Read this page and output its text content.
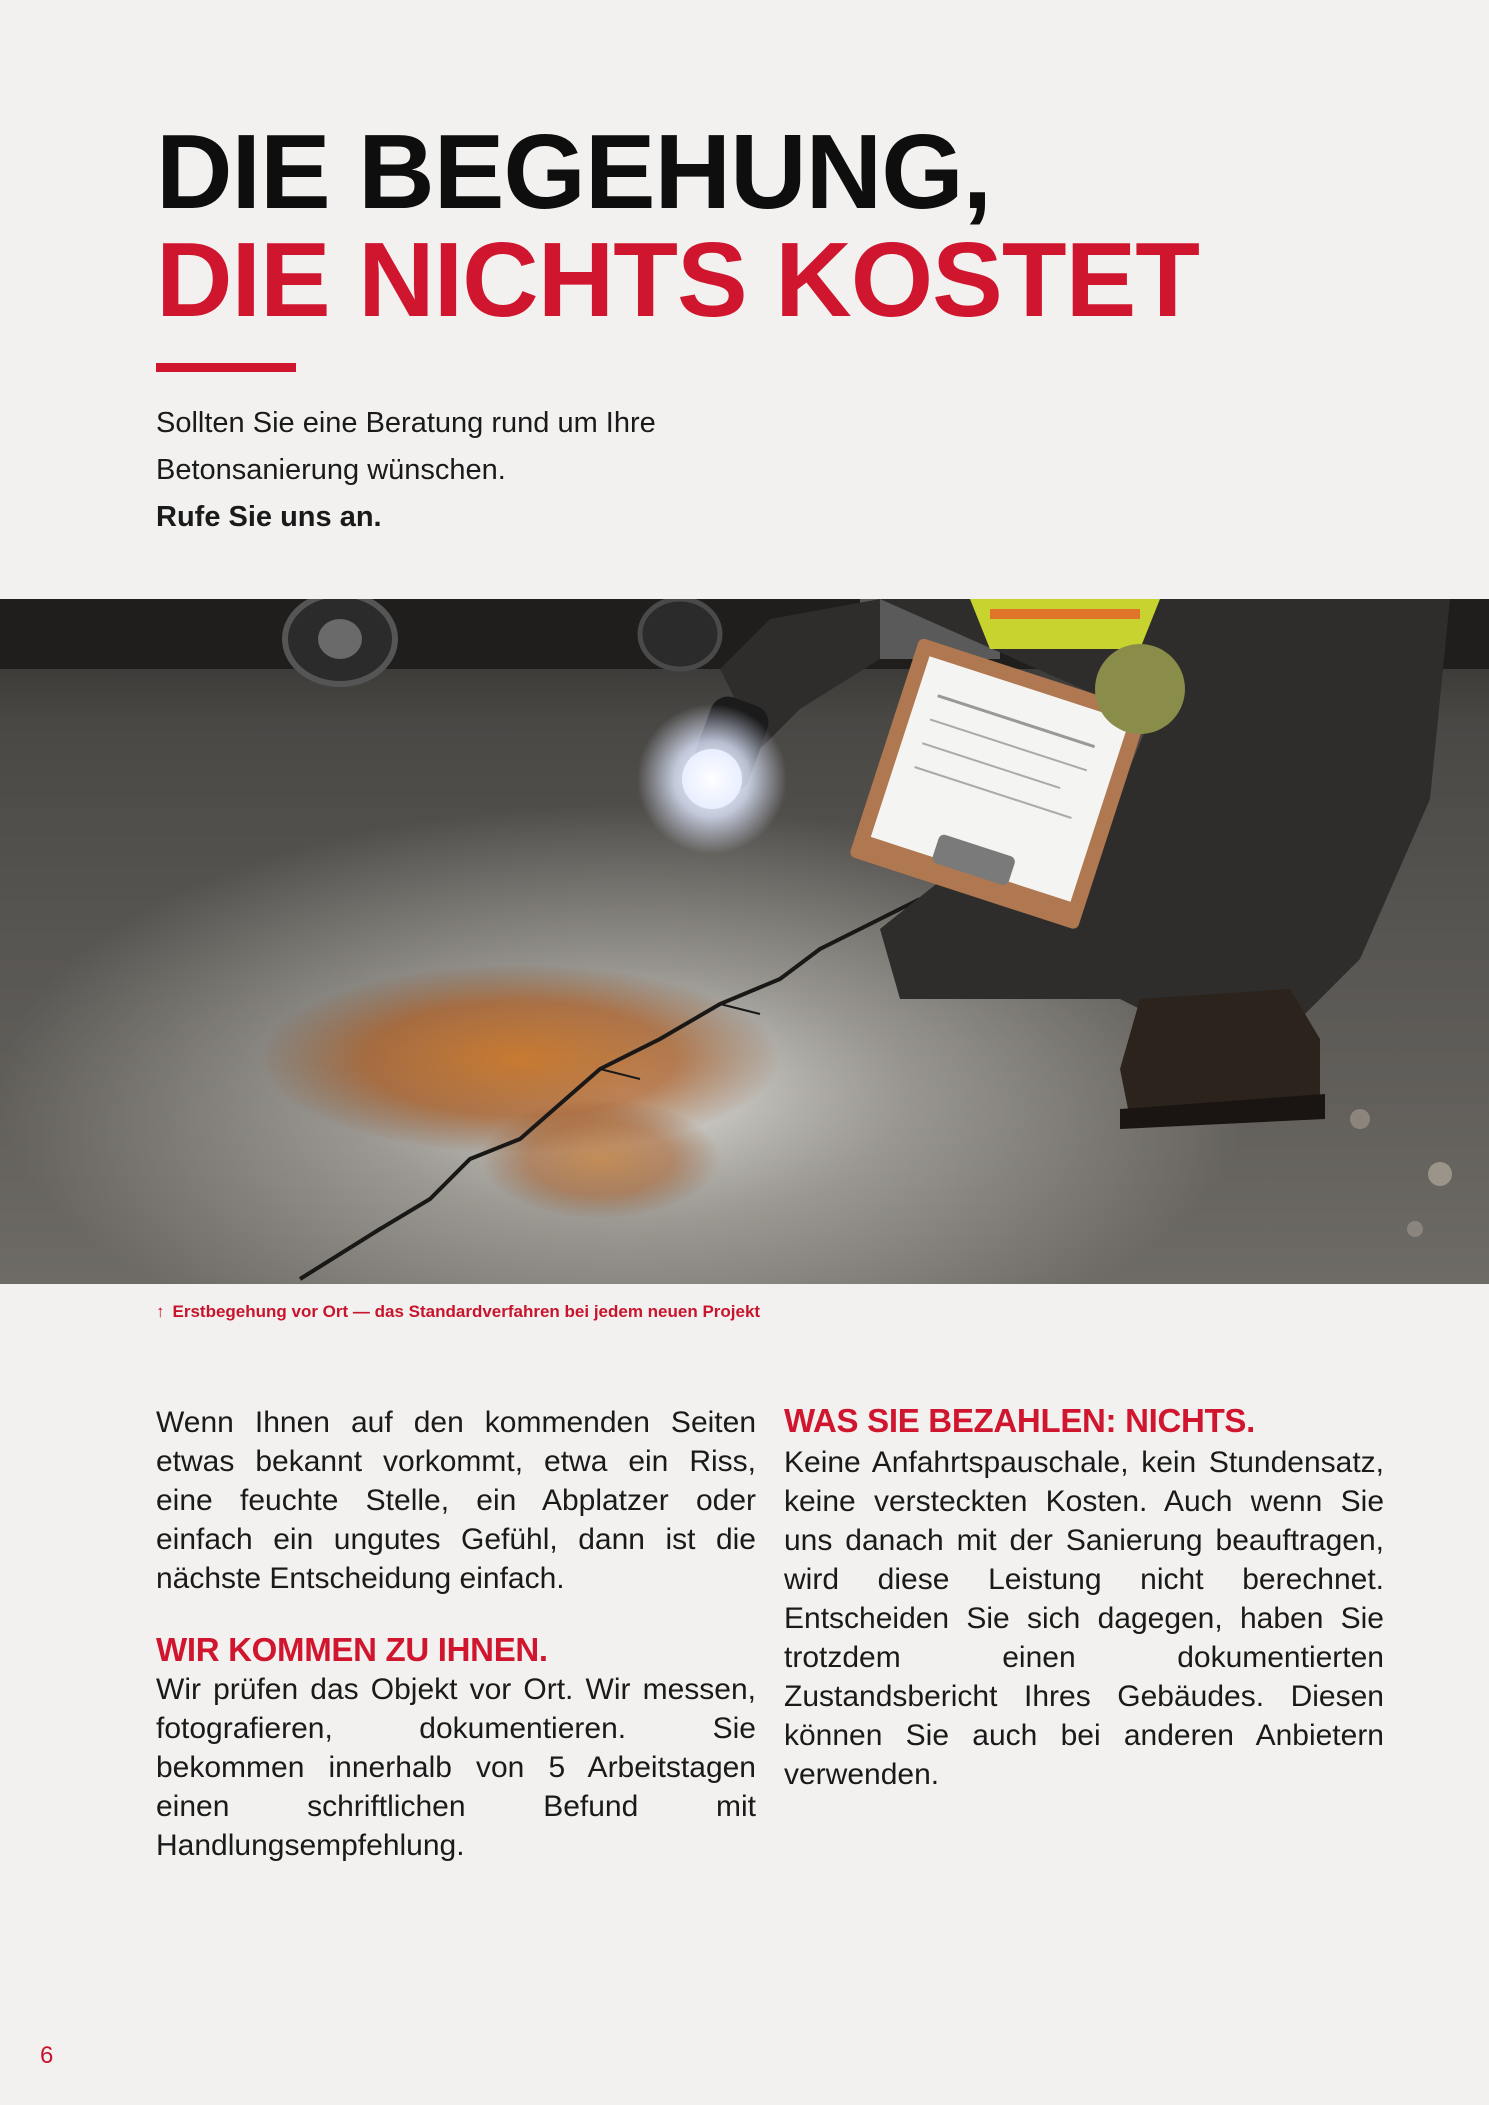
DIE BEGEHUNG,
DIE NICHTS KOSTET
Sollten Sie eine Beratung rund um Ihre
Betonsanierung wünschen.
Rufe Sie uns an.
↑ Erstbegehung vor Ort — das Standardverfahren bei jedem neuen Projekt

Wenn Ihnen auf den kommenden Seiten etwas bekannt vorkommt, etwa ein Riss, eine feuchte Stelle, ein Abplatzer oder einfach ein ungutes Gefühl, dann ist die nächste Entscheidung einfach.

WIR KOMMEN ZU IHNEN.

Wir prüfen das Objekt vor Ort. Wir messen, fotografieren, dokumentieren. Sie bekommen innerhalb von 5 Arbeitstagen einen schriftlichen Befund mit Handlungsempfehlung.

WAS SIE BEZAHLEN: NICHTS.

Keine Anfahrtspauschale, kein Stundensatz, keine versteckten Kosten. Auch wenn Sie uns danach mit der Sanierung beauftragen, wird diese Leistung nicht berechnet. Entscheiden Sie sich dagegen, haben Sie trotzdem einen dokumentierten Zustandsbericht Ihres Gebäudes. Diesen können Sie auch bei anderen Anbietern verwenden.

6
